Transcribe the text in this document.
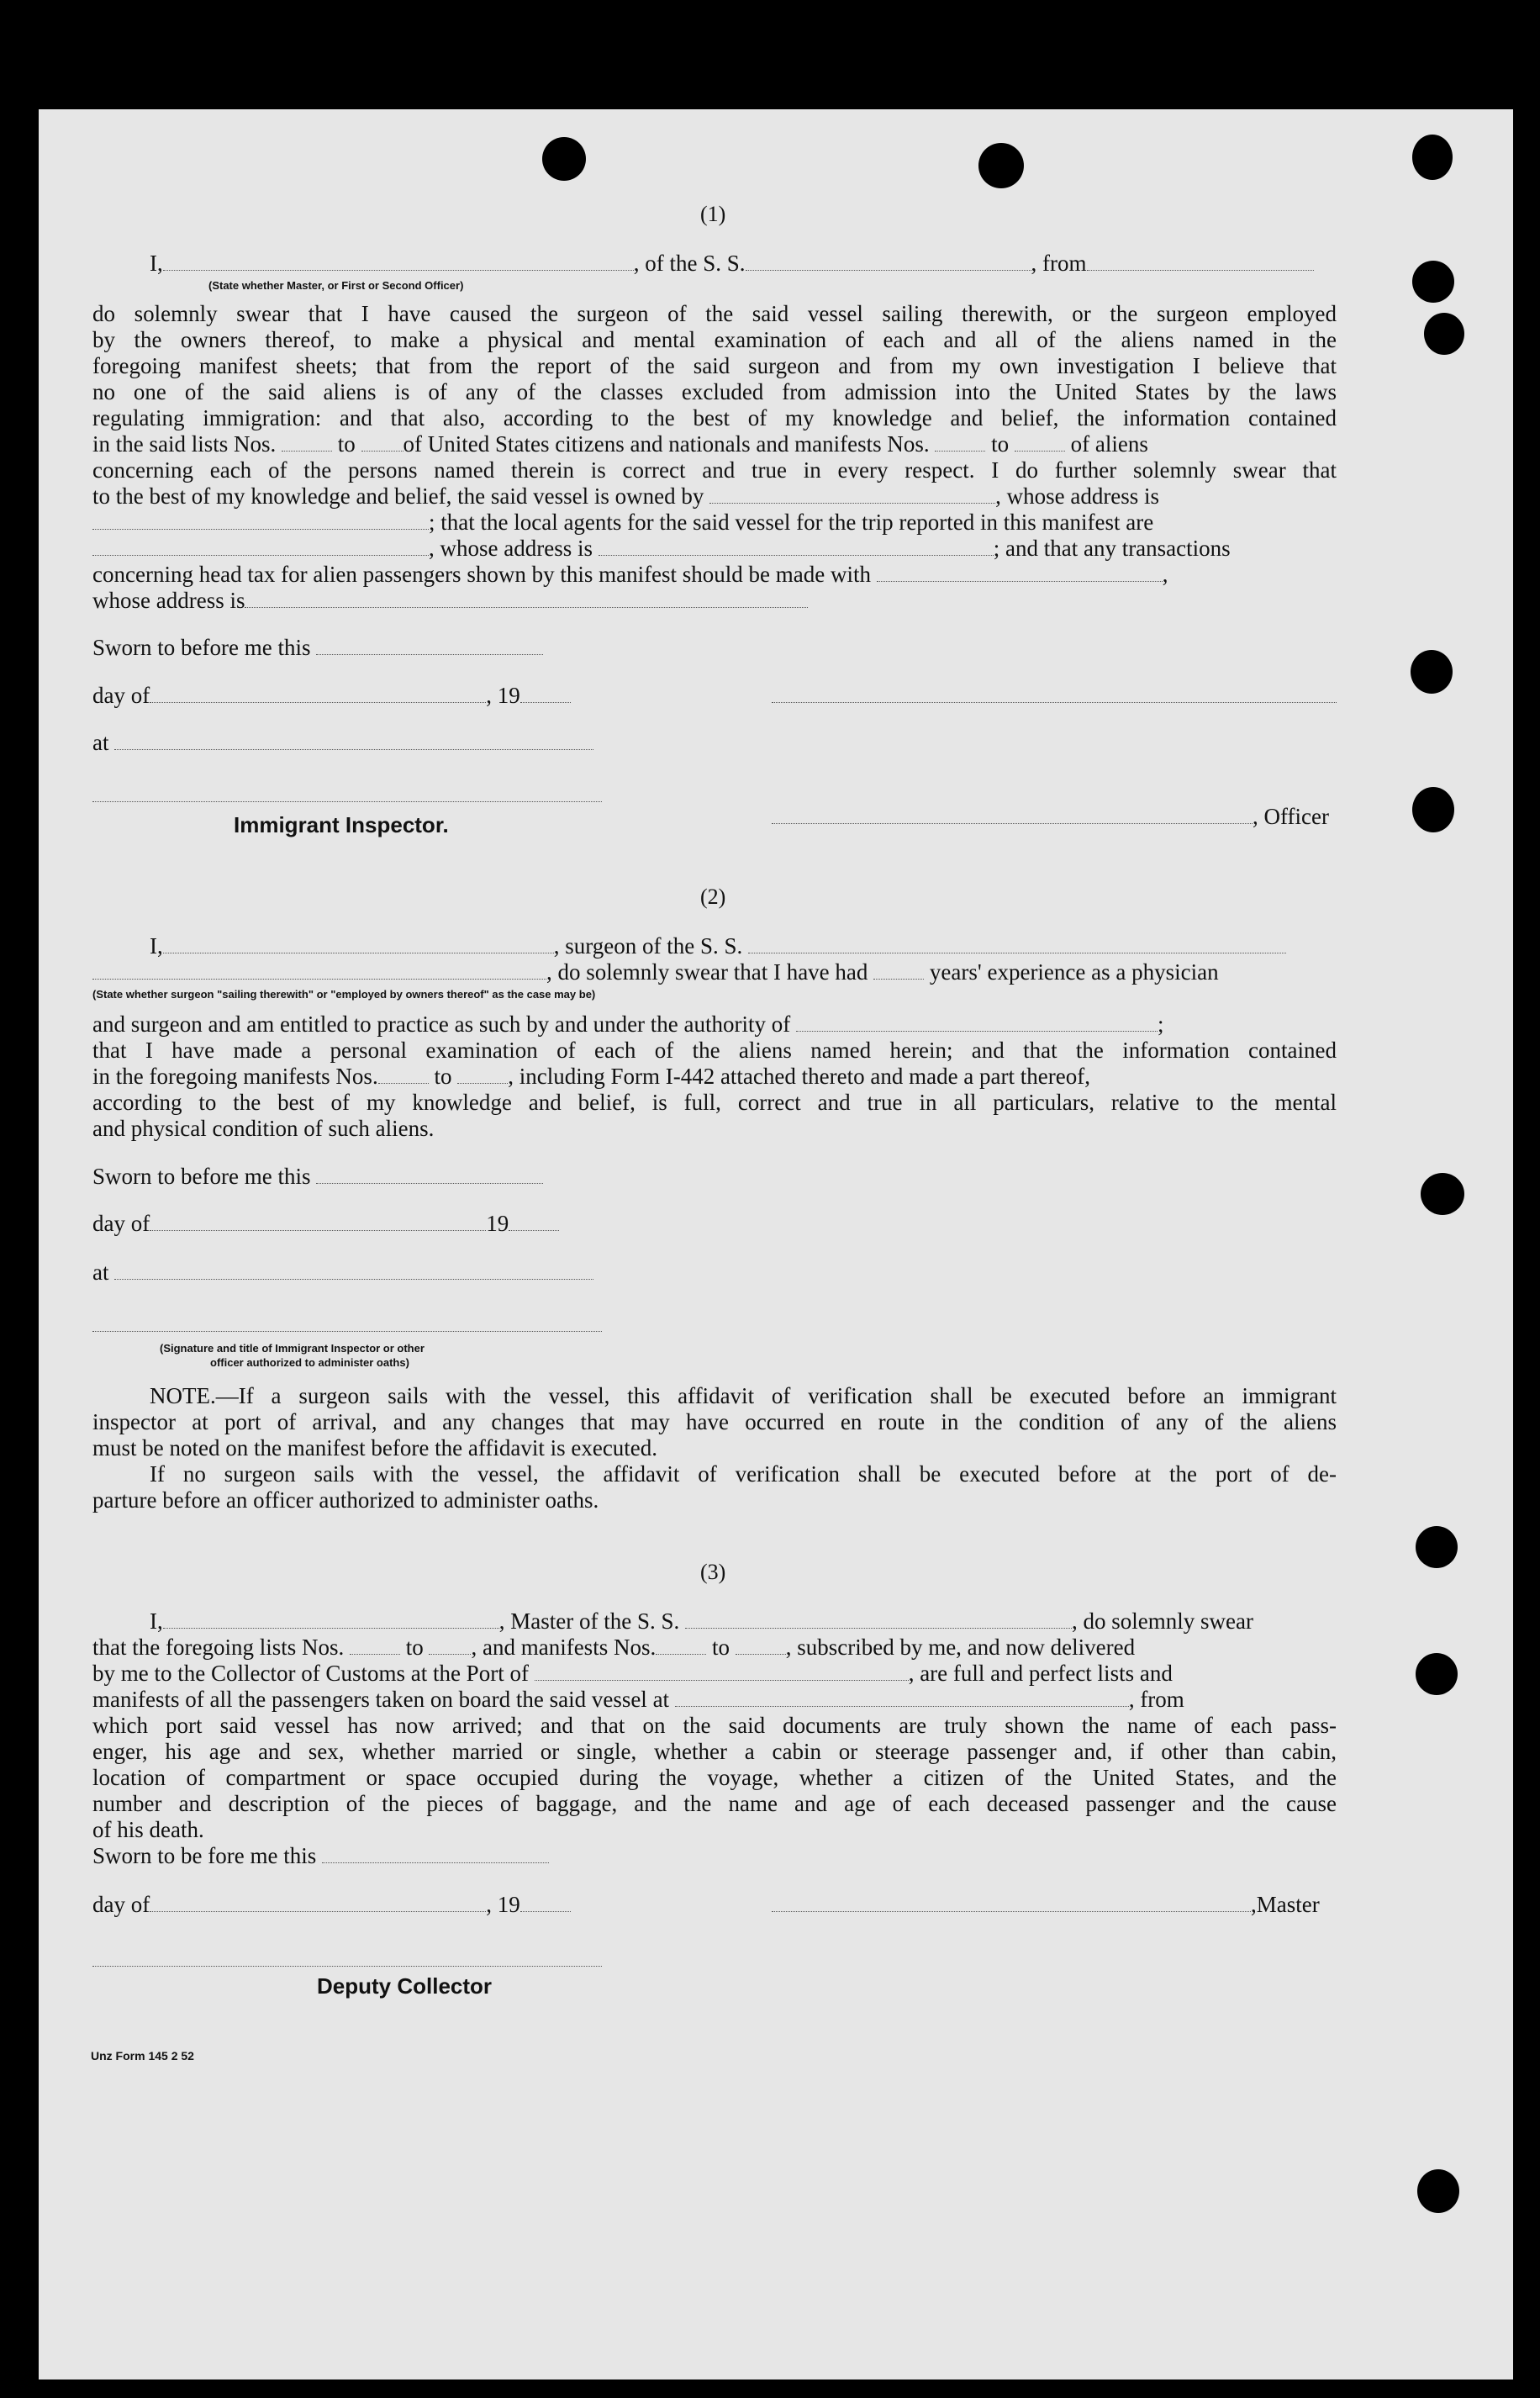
(1)
I,	, of the S. S.	, from
(State whether Master, or First or Second Officer)
do solemnly swear that I have caused the surgeon of the said vessel sailing therewith, or the surgeon employed
by the owners thereof, to make a physical and mental examination of each and all of the aliens named in the
foregoing manifest sheets; that from the report of the said surgeon and from my own investigation I believe that
no one of the said aliens is of any of the classes excluded from admission into the United States by the laws
regulating immigration: and that also, according to the best of my knowledge and belief, the information contained
in the said lists Nos.	to of United States citizens and nationals and manifests Nos.	to	of aliens
concerning each of the persons named therein is correct and true in every respect. I do further solemnly swear that
to the best of my knowledge and belief, the said vessel is owned by	, whose address is
; that the local agents for the said vessel for the trip reported in this manifest are
, whose address is	; and that any transactions
concerning head tax for alien passengers shown by this manifest should be made with	,
whose address is
Sworn to before me this
day of	, 19
at
Immigrant Inspector.	, Officer
(2)
I,	, surgeon of the S. S.
, do solemnly swear that I have had	years' experience as a physician
(State whether surgeon "sailing therewith" or "employed by owners thereof" as the case may be)
and surgeon and am entitled to practice as such by and under the authority of	;
that I have made a personal examination of each of the aliens named herein; and that the information contained
in the foregoing manifests Nos. to , including Form I-442 attached thereto and made a part thereof,
according to the best of my knowledge and belief, is full, correct and true in all particulars, relative to the mental
and physical condition of such aliens.
Sworn to before me this
day of	19
at
(Signature and title of Immigrant Inspector or other
officer authorized to administer oaths)
NOTE.—If a surgeon sails with the vessel, this affidavit of verification shall be executed before an immigrant
inspector at port of arrival, and any changes that may have occurred en route in the condition of any of the aliens
must be noted on the manifest before the affidavit is executed.
If no surgeon sails with the vessel, the affidavit of verification shall be executed before at the port of de-
parture before an officer authorized to administer oaths.
(3)
I,	, Master of the S. S.	, do solemnly swear
that the foregoing lists Nos.	to , and manifests Nos. to , subscribed by me, and now delivered
by me to the Collector of Customs at the Port of	, are full and perfect lists and
manifests of all the passengers taken on board the said vessel at	, from
which port said vessel has now arrived; and that on the said documents are truly shown the name of each pass-
enger, his age and sex, whether married or single, whether a cabin or steerage passenger and, if other than cabin,
location of compartment or space occupied during the voyage, whether a citizen of the United States, and the
number and description of the pieces of baggage, and the name and age of each deceased passenger and the cause
of his death.
Sworn to be fore me this
day of	, 19	,Master
Deputy Collector
Unz Form 145 2 52
